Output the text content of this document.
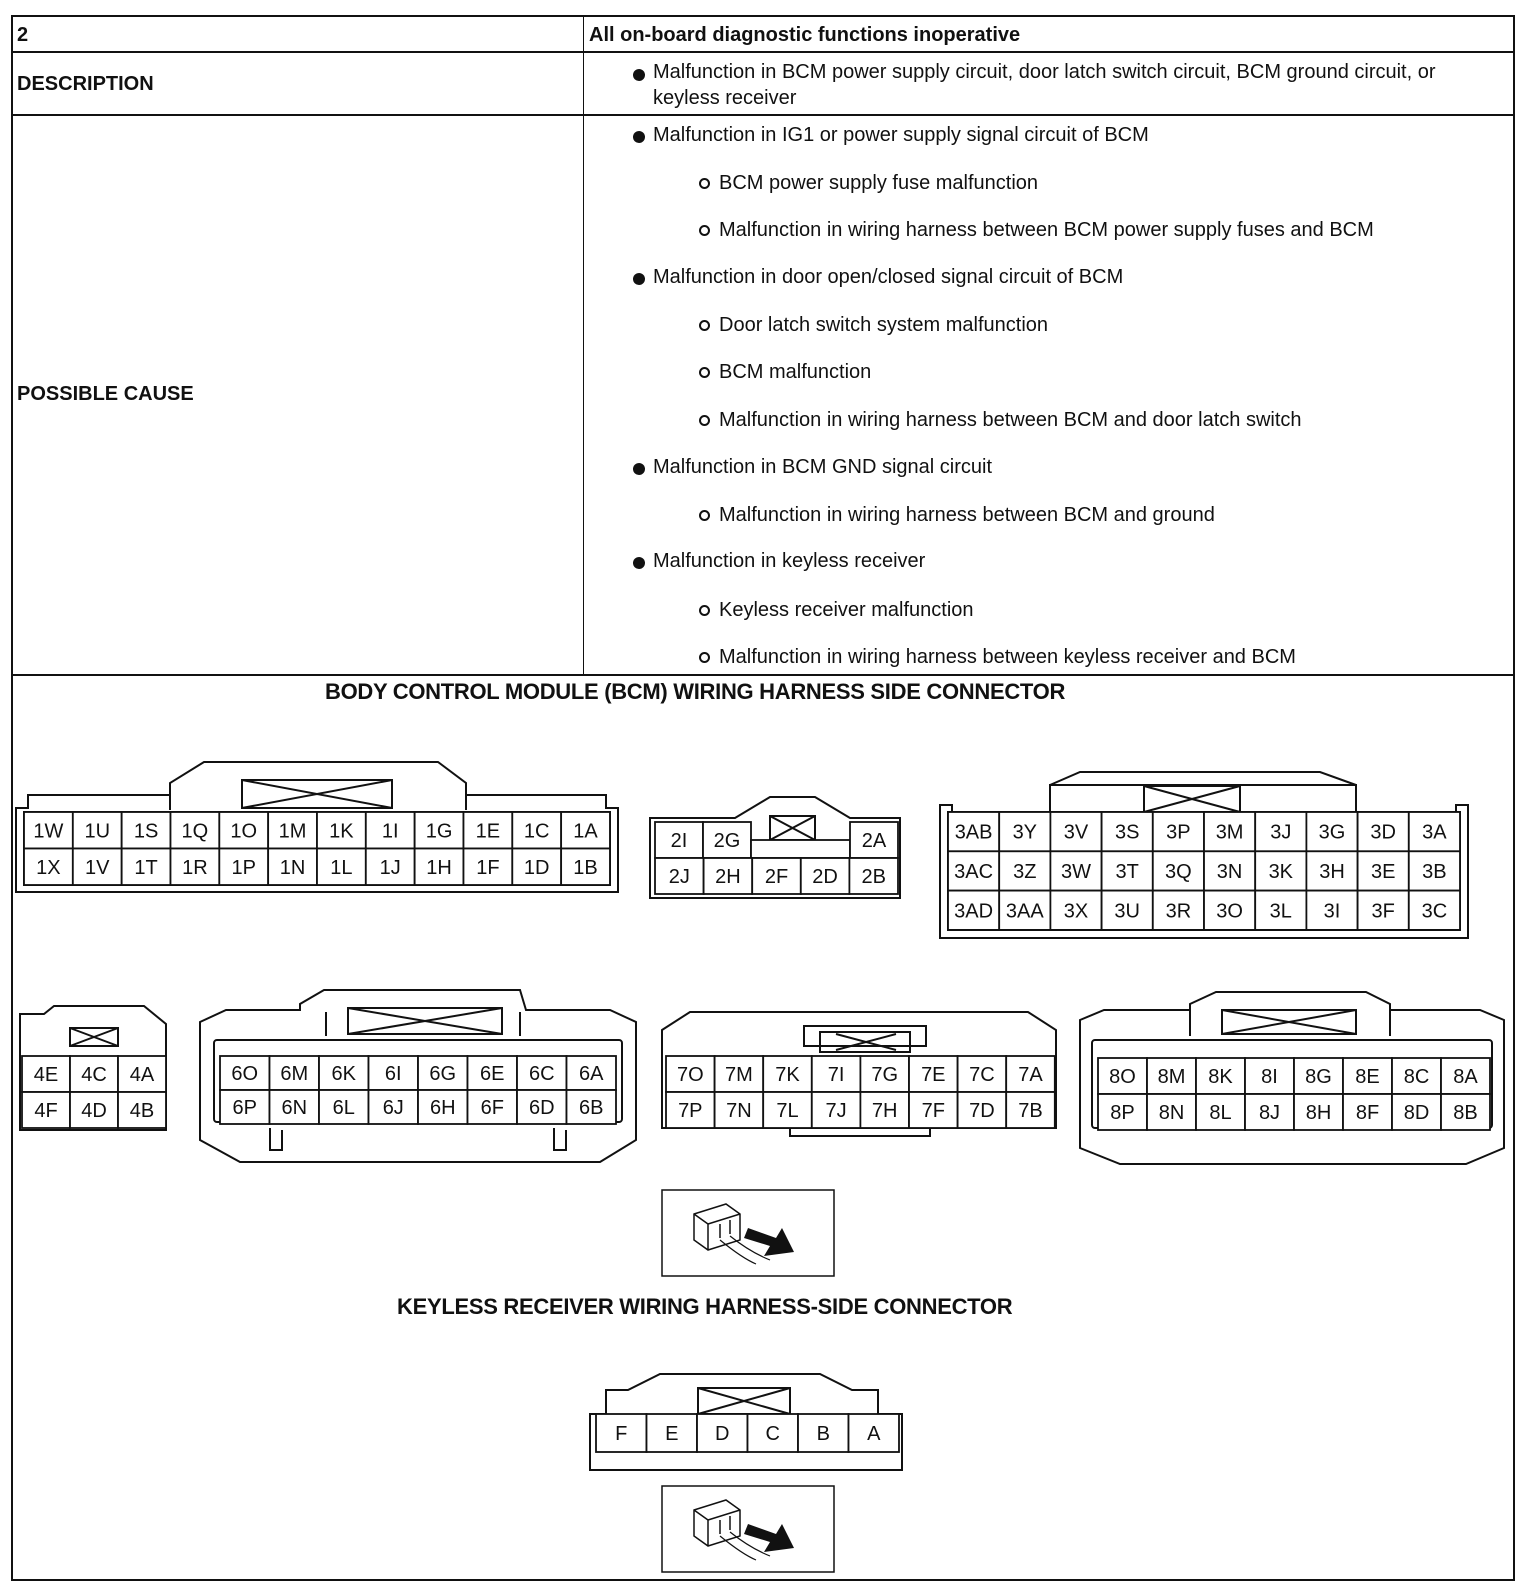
2	All on-board diagnostic functions inoperative
DESCRIPTION
Malfunction in BCM power supply circuit, door latch switch circuit, BCM ground circuit, or keyless receiver
POSSIBLE CAUSE
Malfunction in IG1 or power supply signal circuit of BCM
BCM power supply fuse malfunction
Malfunction in wiring harness between BCM power supply fuses and BCM
Malfunction in door open/closed signal circuit of BCM
Door latch switch system malfunction
BCM malfunction
Malfunction in wiring harness between BCM and door latch switch
Malfunction in BCM GND signal circuit
Malfunction in wiring harness between BCM and ground
Malfunction in keyless receiver
Keyless receiver malfunction
Malfunction in wiring harness between keyless receiver and BCM
BODY CONTROL MODULE (BCM) WIRING HARNESS SIDE CONNECTOR
KEYLESS RECEIVER WIRING HARNESS-SIDE CONNECTOR
1W 1U 1S 1Q 1O 1M 1K 1I 1G 1E 1C 1A
1X 1V 1T 1R 1P 1N 1L 1J 1H 1F 1D 1B
2I 2G	2A
2J 2H 2F 2D 2B
3AB 3Y 3V 3S 3P 3M 3J 3G 3D 3A
3AC 3Z 3W 3T 3Q 3N 3K 3H 3E 3B
3AD 3AA 3X 3U 3R 3O 3L 3I 3F 3C
4E 4C 4A
4F 4D 4B
6O 6M 6K 6I 6G 6E 6C 6A
6P 6N 6L 6J 6H 6F 6D 6B
7O 7M 7K 7I 7G 7E 7C 7A
7P 7N 7L 7J 7H 7F 7D 7B
8O 8M 8K 8I 8G 8E 8C 8A
8P 8N 8L 8J 8H 8F 8D 8B
F E D C B A
